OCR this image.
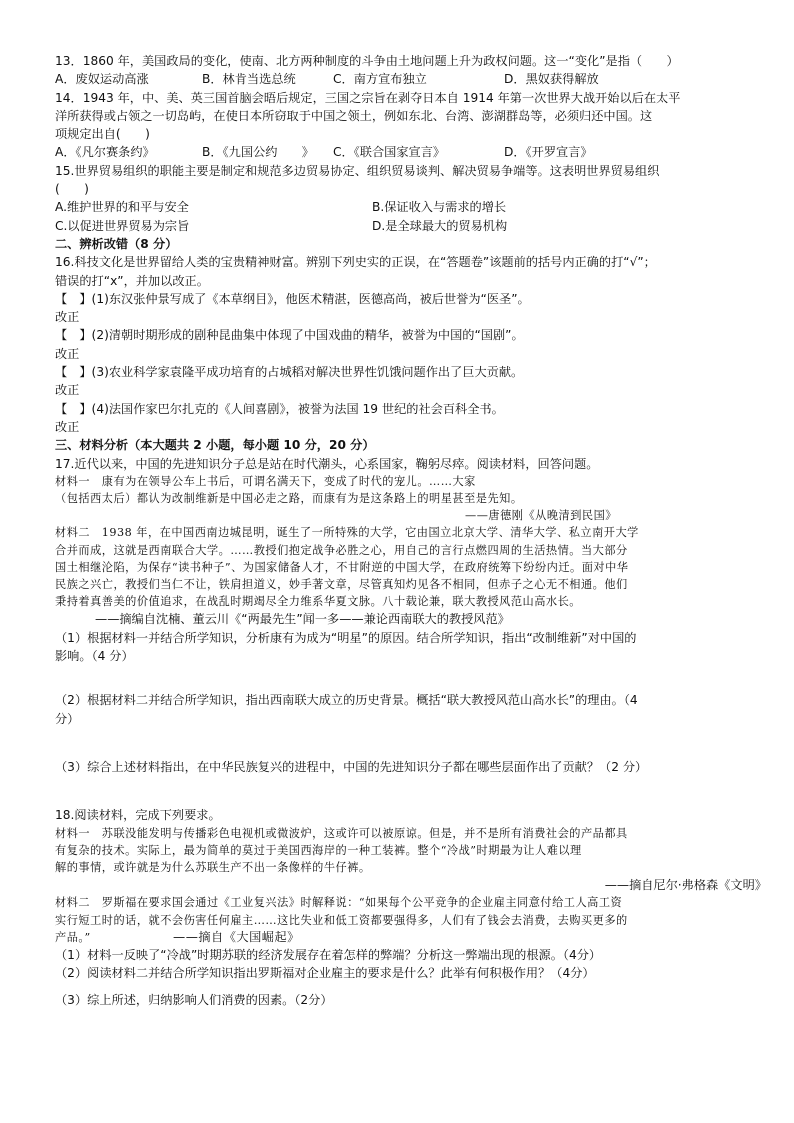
13．1860 年，美国政局的变化，使南、北方两种制度的斗争由土地问题上升为政权问题。这一“变化”是指（　　）
A．废奴运动高涨	B．林肯当选总统	C．南方宣布独立	D．黑奴获得解放
14．1943 年，中、美、英三国首脑会晤后规定，三国之宗旨在剥夺日本自 1914 年第一次世界大战开始以后在太平
洋所获得或占领之一切岛屿，在使日本所窃取于中国之领土，例如东北、台湾、澎湖群岛等，必须归还中国。这
项规定出自(　　)
A．《凡尔赛条约》	B．《九国公约　　》	C．《联合国家宣言》	D．《开罗宣言》
15.世界贸易组织的职能主要是制定和规范多边贸易协定、组织贸易谈判、解决贸易争端等。这表明世界贸易组织
(　　)
A.维护世界的和平与安全	B.保证收入与需求的增长
C.以促进世界贸易为宗旨	D.是全球最大的贸易机构
二、辨析改错（8 分）
16.科技文化是世界留给人类的宝贵精神财富。辨别下列史实的正误，在“答题卷”该题前的括号内正确的打“√”；
错误的打“x”，并加以改正。
【　】(1)东汉张仲景写成了《本草纲目》，他医术精湛，医德高尚，被后世誉为“医圣”。
改正
【　】(2)清朝时期形成的剧种昆曲集中体现了中国戏曲的精华，被誉为中国的“国剧”。
改正
【　】(3)农业科学家袁隆平成功培育的占城稻对解决世界性饥饿问题作出了巨大贡献。
改正
【　】(4)法国作家巴尔扎克的《人间喜剧》，被誉为法国 19 世纪的社会百科全书。
改正
三、材料分析（本大题共 2 小题，每小题 10 分，20 分）
17.近代以来，中国的先进知识分子总是站在时代潮头，心系国家，鞠躬尽瘁。阅读材料，回答问题。
材料一　康有为在领导公车上书后，可谓名满天下，变成了时代的宠儿。……大家
（包括西太后）都认为改制维新是中国必走之路，而康有为是这条路上的明星甚至是先知。
——唐德刚《从晚清到民国》
材料二　1938 年，在中国西南边城昆明，诞生了一所特殊的大学，它由国立北京大学、清华大学、私立南开大学
合并而成，这就是西南联合大学。……教授们抱定战争必胜之心，用自己的言行点燃四周的生活热情。当大部分
国土相继沦陷，为保存“读书种子”、为国家储备人才，不甘附逆的中国大学，在政府统筹下纷纷内迁。面对中华
民族之兴亡，教授们当仁不让，铁肩担道义，妙手著文章，尽管真知灼见各不相同，但赤子之心无不相通。他们
秉持着真善美的价值追求，在战乱时期竭尽全力维系华夏文脉。八十载论兼，联大教授风范山高水长。
——摘编自沈楠、董云川《“两最先生”闻一多——兼论西南联大的教授风范》
（1）根据材料一并结合所学知识，分析康有为成为“明星”的原因。结合所学知识，指出“改制维新”对中国的
影响。（4 分）
（2）根据材料二并结合所学知识，指出西南联大成立的历史背景。概括“联大教授风范山高水长”的理由。（4
分）
（3）综合上述材料指出，在中华民族复兴的进程中，中国的先进知识分子都在哪些层面作出了贡献？（2 分）
18.阅读材料，完成下列要求。
材料一　苏联没能发明与传播彩色电视机或微波炉，这或许可以被原谅。但是，并不是所有消费社会的产品都具
有复杂的技术。实际上，最为简单的莫过于美国西海岸的一种工装裤。整个“冷战”时期最为让人难以理
解的事情，或许就是为什么苏联生产不出一条像样的牛仔裤。
——摘自尼尔·弗格森《文明》
材料二　罗斯福在要求国会通过《工业复兴法》时解释说：“如果每个公平竞争的企业雇主同意付给工人高工资
实行短工时的话，就不会伤害任何雇主……这比失业和低工资都要强得多，人们有了钱会去消费，去购买更多的
产品。”	——摘自《大国崛起》
（1）材料一反映了“冷战”时期苏联的经济发展存在着怎样的弊端？分析这一弊端出现的根源。（4分）
（2）阅读材料二并结合所学知识指出罗斯福对企业雇主的要求是什么？此举有何积极作用？（4分）
（3）综上所述，归纳影响人们消费的因素。（2分）
